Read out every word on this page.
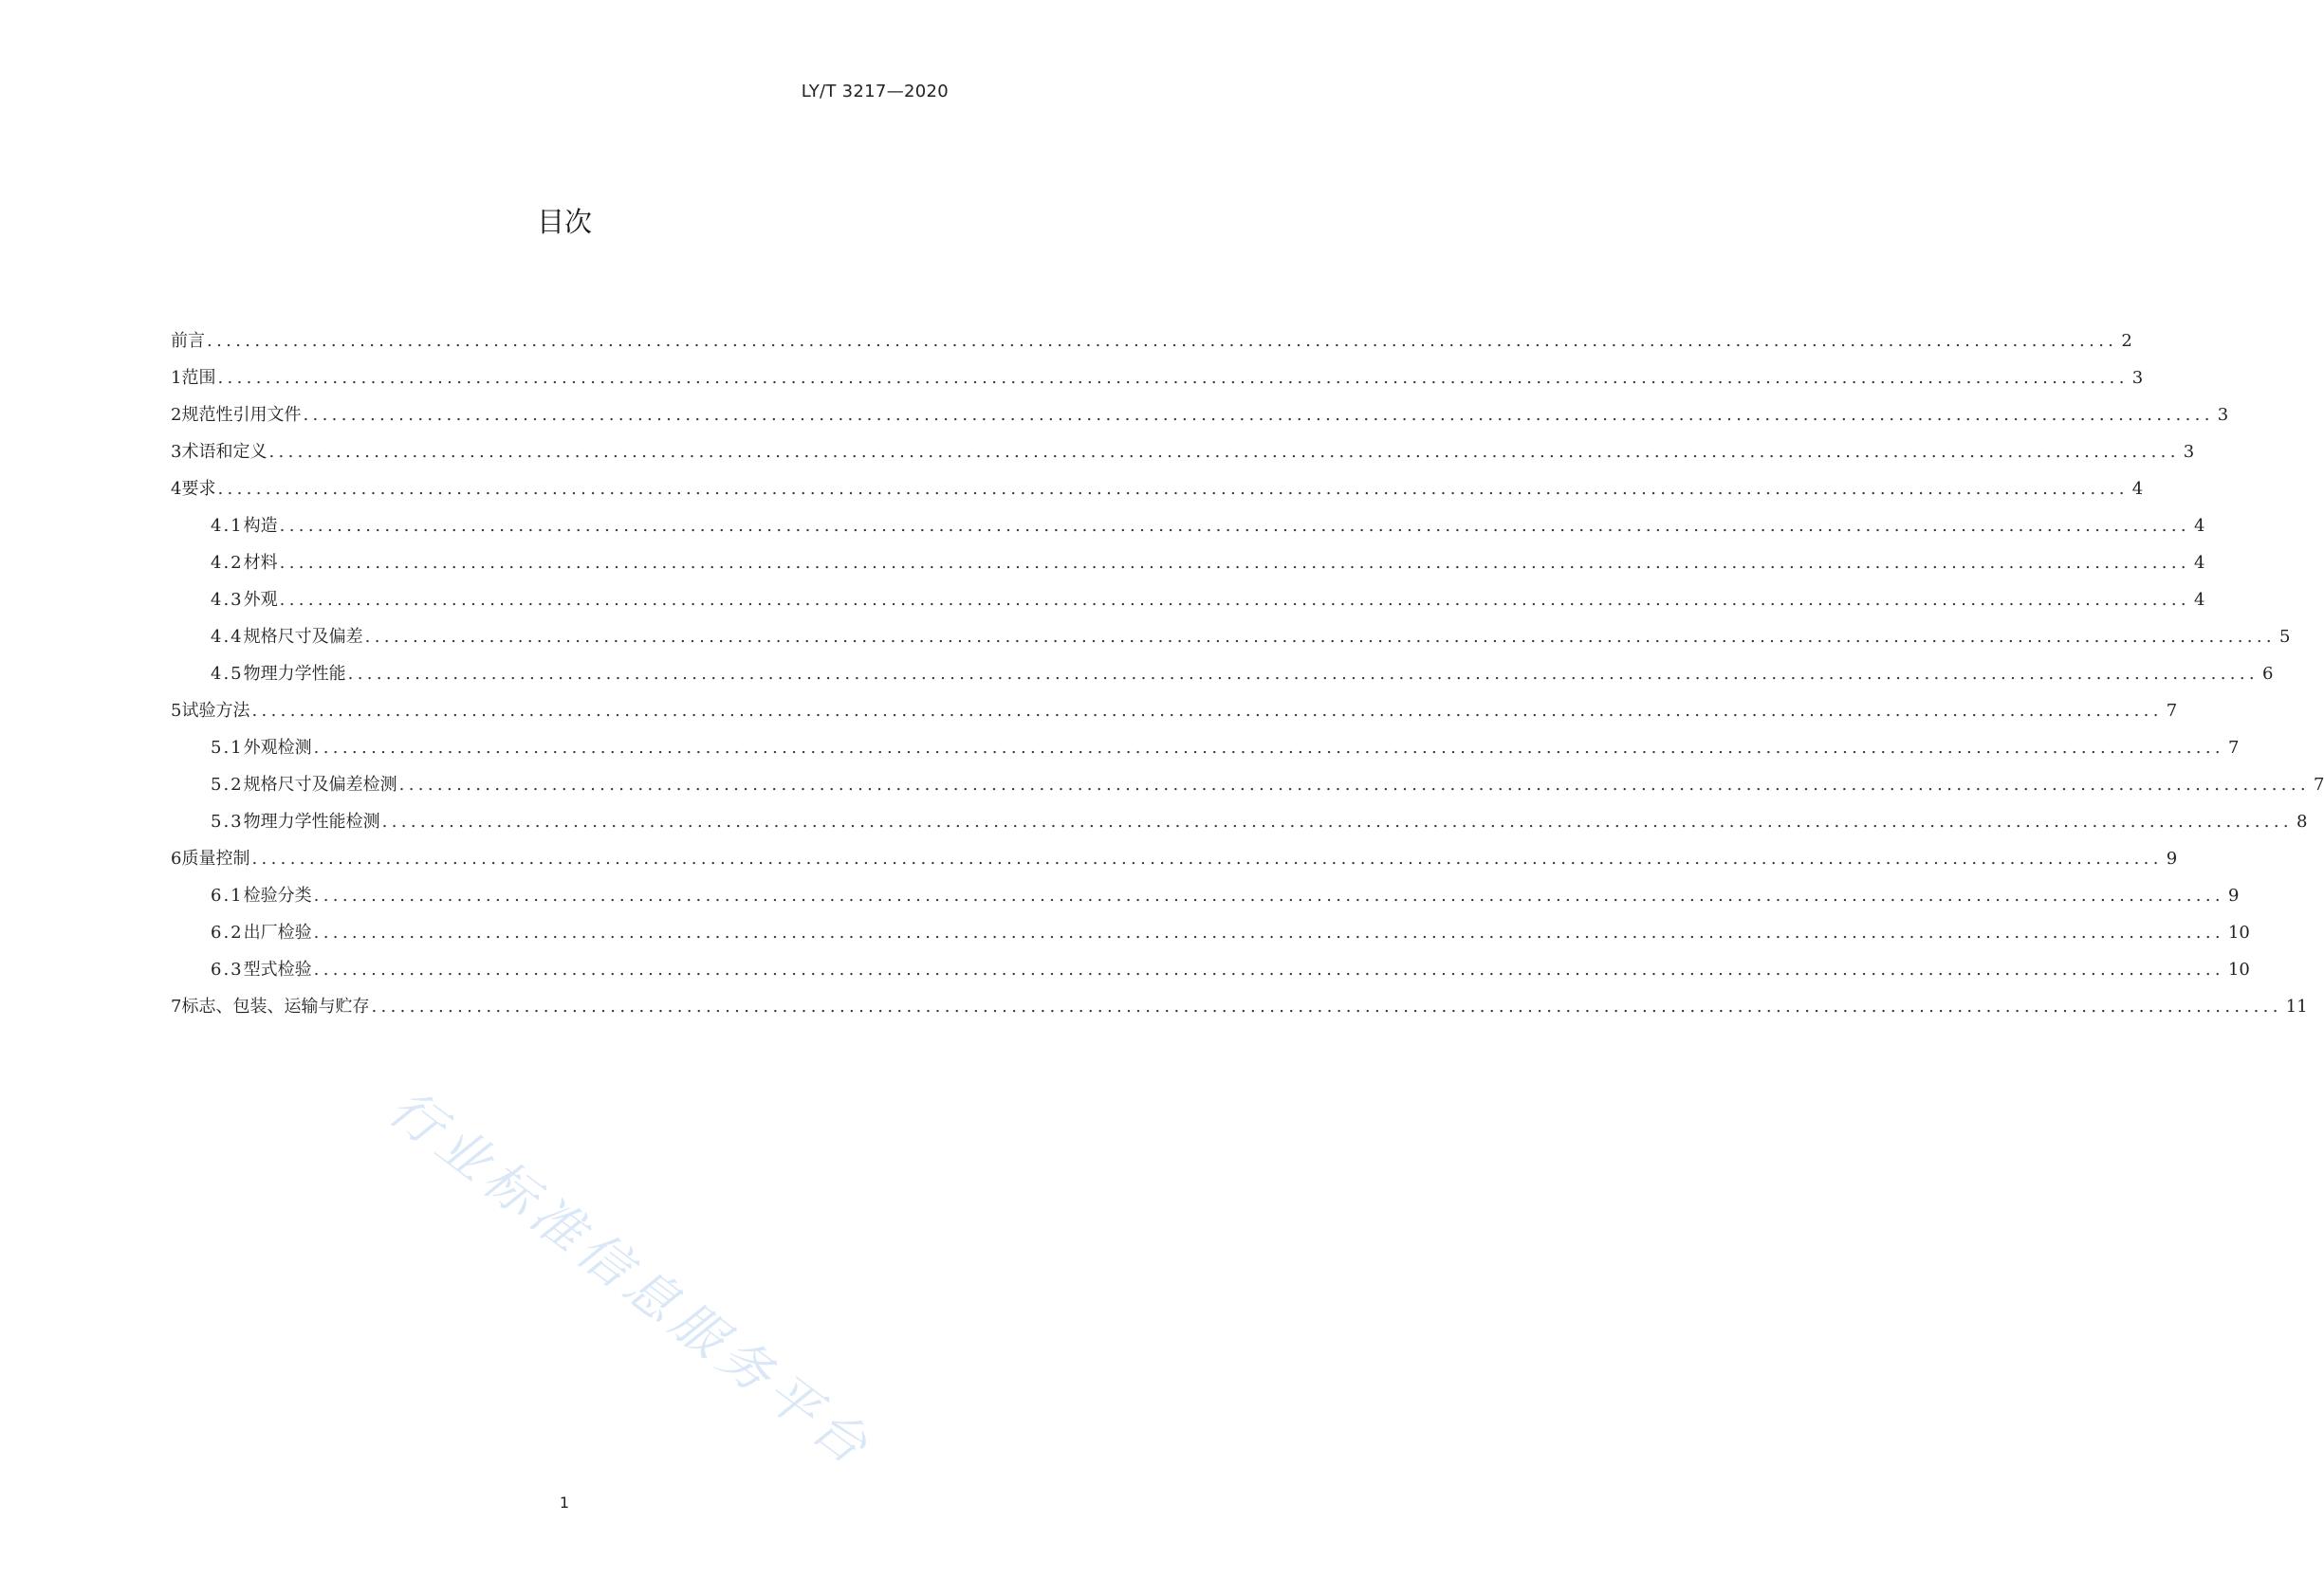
LY/T 3217—2020
目次
前言 ........................................................................................................................................................................................................ 2
1 范围 ........................................................................................................................................................................................................ 3
2 规范性引用文件 ........................................................................................................................................................................................................ 3
3 术语和定义 ........................................................................................................................................................................................................ 3
4 要求 ........................................................................................................................................................................................................ 4
4.1 构造 ........................................................................................................................................................................................................ 4
4.2 材料 ........................................................................................................................................................................................................ 4
4.3 外观 ........................................................................................................................................................................................................ 4
4.4 规格尺寸及偏差 ........................................................................................................................................................................................................ 5
4.5 物理力学性能 ........................................................................................................................................................................................................ 6
5 试验方法 ........................................................................................................................................................................................................ 7
5.1 外观检测 ........................................................................................................................................................................................................ 7
5.2 规格尺寸及偏差检测 ........................................................................................................................................................................................................ 7
5.3 物理力学性能检测 ........................................................................................................................................................................................................ 8
6 质量控制 ........................................................................................................................................................................................................ 9
6.1 检验分类 ........................................................................................................................................................................................................ 9
6.2 出厂检验 ........................................................................................................................................................................................................ 10
6.3 型式检验 ........................................................................................................................................................................................................ 10
7 标志、包装、运输与贮存 ........................................................................................................................................................................................................ 11
行业标准信息服务平台
1
